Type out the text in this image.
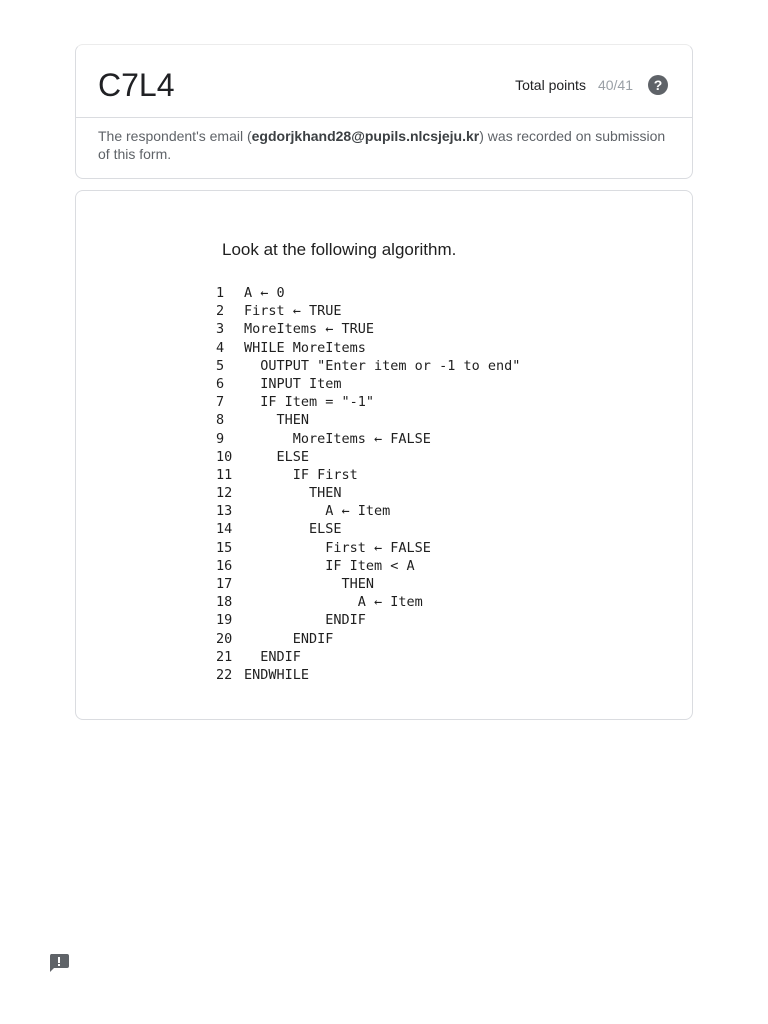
C7L4	Total points 40/41	?
The respondent's email (egdorjkhand28@pupils.nlcsjeju.kr) was recorded on submission of this form.
Look at the following algorithm.
1	A ← 0
2	First ← TRUE
3	MoreItems ← TRUE
4	WHILE MoreItems
5	OUTPUT "Enter item or -1 to end"
6	INPUT Item
7	IF Item = "-1"
8	THEN
9	MoreItems ← FALSE
10 ELSE
11 IF First
12 THEN
13 A ← Item
14 ELSE
15 First ← FALSE
16 IF Item < A
17 THEN
18 A ← Item
19 ENDIF
20 ENDIF
21 ENDIF
22 ENDWHILE
